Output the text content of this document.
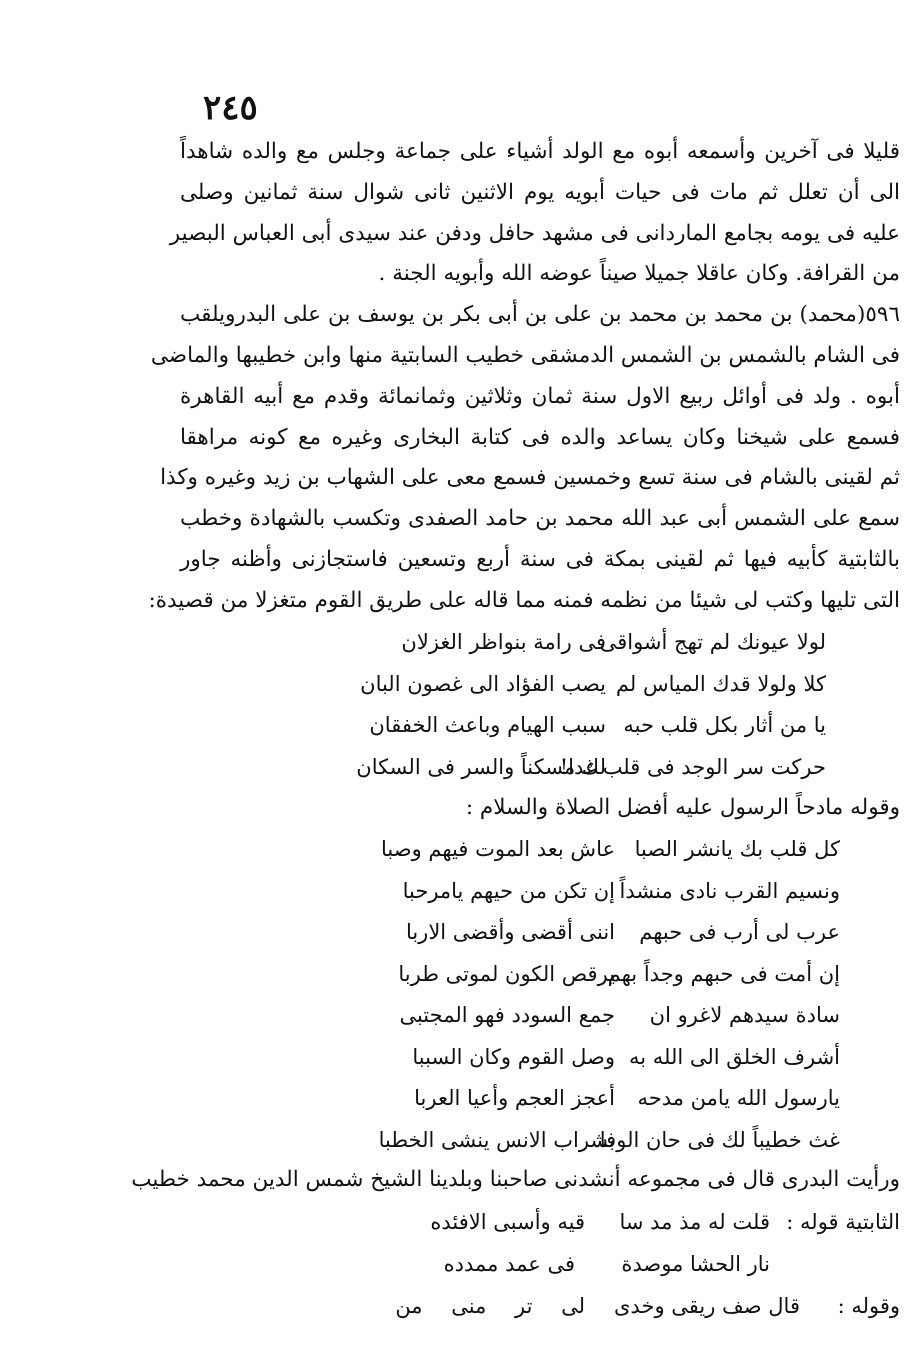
٢٤٥
قليلا فى آخرين وأسمعه أبوه مع الولد أشياء على جماعة وجلس مع والده شاهداً
الى أن تعلل ثم مات فى حيات أبويه يوم الاثنين ثانى شوال سنة ثمانين وصلى
عليه فى يومه بجامع الماردانى فى مشهد حافل ودفن عند سيدى أبى العباس البصير
من القرافة. وكان عاقلا جميلا صيناً عوضه الله وأبويه الجنة .
٥٩٦(محمد) بن محمد بن محمد بن على بن أبى بكر بن يوسف بن على البدرويلقب
فى الشام بالشمس بن الشمس الدمشقى خطيب السابتية منها وابن خطيبها والماضى
أبوه . ولد فى أوائل ربيع الاول سنة ثمان وثلاثين وثمانمائة وقدم مع أبيه القاهرة
فسمع على شيخنا وكان يساعد والده فى كتابة البخارى وغيره مع كونه مراهقا
ثم لقينى بالشام فى سنة تسع وخمسين فسمع معى على الشهاب بن زيد وغيره وكذا
سمع على الشمس أبى عبد الله محمد بن حامد الصفدى وتكسب بالشهادة وخطب
بالثابتية كأبيه فيها ثم لقينى بمكة فى سنة أربع وتسعين فاستجازنى وأظنه جاور
التى تليها وكتب لى شيئا من نظمه فمنه مما قاله على طريق القوم متغزلا من قصيدة:
لولا عيونك لم تهج أشواقى
فى رامة بنواظر الغزلان
كلا ولولا قدك المياس لم
يصب الفؤاد الى غصون البان
يا من أثار بكل قلب حبه
سبب الهيام وباعث الخفقان
حركت سر الوجد فى قلب غدا!
لك مسكناً والسر فى السكان
وقوله مادحاً الرسول عليه أفضل الصلاة والسلام :
كل قلب بك يانشر الصبا
عاش بعد الموت فيهم وصبا
ونسيم القرب نادى منشداً
إن تكن من حيهم يامرحبا
عرب لى أرب فى حبهم
اننى أقضى وأقضى الاربا
إن أمت فى حبهم وجداً بهم
يرقص الكون لموتى طربا
سادة سيدهم لاغرو ان
جمع السودد فهو المجتبى
أشرف الخلق الى الله به
وصل القوم وكان السببا
يارسول الله يامن مدحه
أعجز العجم وأعيا العربا
غث خطيباً لك فى حان الوفا
بشراب الانس ينشى الخطبا
ورأيت البدرى قال فى مجموعه أنشدنى صاحبنا وبلدينا الشيخ شمس الدين محمد خطيب
الثابتية قوله :
قلت له مذ مد سا
قيه وأسبى الافئده
نار الحشا موصدة
فى عمد ممدده
وقوله :
قال صف ريقى وخدى
لى تر منى من
